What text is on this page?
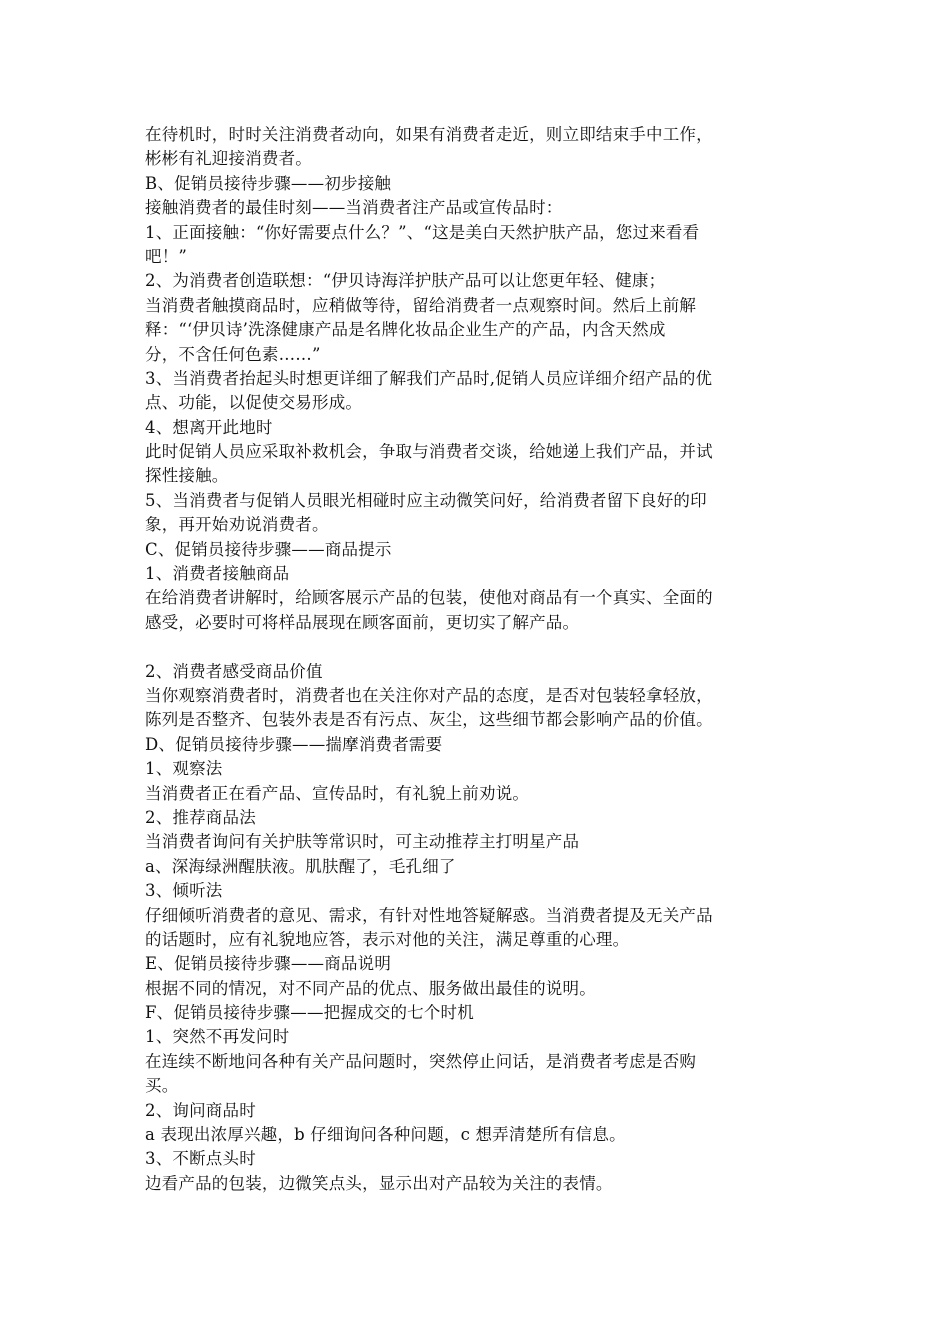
在待机时，时时关注消费者动向，如果有消费者走近，则立即结束手中工作，
彬彬有礼迎接消费者。
B、促销员接待步骤——初步接触
接触消费者的最佳时刻——当消费者注产品或宣传品时：
1、正面接触：“你好需要点什么？”、“这是美白天然护肤产品，您过来看看
吧！”
2、为消费者创造联想：“伊贝诗海洋护肤产品可以让您更年轻、健康；
当消费者触摸商品时，应稍做等待，留给消费者一点观察时间。然后上前解
释：“‘伊贝诗’洗涤健康产品是名牌化妆品企业生产的产品，内含天然成
分，不含任何色素……”
3、当消费者抬起头时想更详细了解我们产品时,促销人员应详细介绍产品的优
点、功能，以促使交易形成。
4、想离开此地时
此时促销人员应采取补救机会，争取与消费者交谈，给她递上我们产品，并试
探性接触。
5、当消费者与促销人员眼光相碰时应主动微笑问好，给消费者留下良好的印
象，再开始劝说消费者。
C、促销员接待步骤——商品提示
1、消费者接触商品
在给消费者讲解时，给顾客展示产品的包装，使他对商品有一个真实、全面的
感受，必要时可将样品展现在顾客面前，更切实了解产品。
2、消费者感受商品价值
当你观察消费者时，消费者也在关注你对产品的态度，是否对包装轻拿轻放，
陈列是否整齐、包装外表是否有污点、灰尘，这些细节都会影响产品的价值。
D、促销员接待步骤——揣摩消费者需要
1、观察法
当消费者正在看产品、宣传品时，有礼貌上前劝说。
2、推荐商品法
当消费者询问有关护肤等常识时，可主动推荐主打明星产品
a、深海绿洲醒肤液。肌肤醒了，毛孔细了
3、倾听法
仔细倾听消费者的意见、需求，有针对性地答疑解惑。当消费者提及无关产品
的话题时，应有礼貌地应答，表示对他的关注，满足尊重的心理。
E、促销员接待步骤——商品说明
根据不同的情况，对不同产品的优点、服务做出最佳的说明。
F、促销员接待步骤——把握成交的七个时机
1、突然不再发问时
在连续不断地问各种有关产品问题时，突然停止问话，是消费者考虑是否购
买。
2、询问商品时
a 表现出浓厚兴趣，b 仔细询问各种问题，c 想弄清楚所有信息。
3、不断点头时
边看产品的包装，边微笑点头，显示出对产品较为关注的表情。
